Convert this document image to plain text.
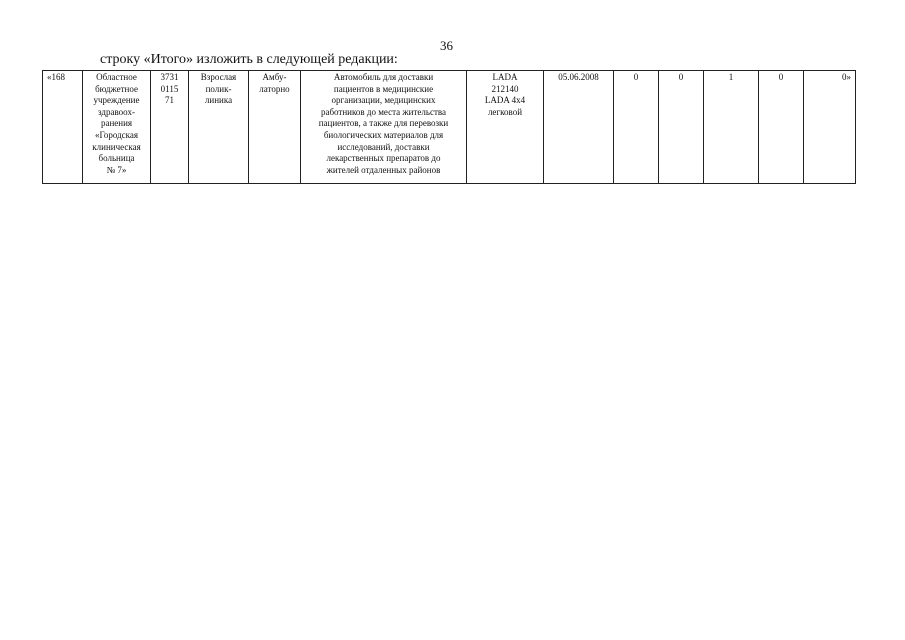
36
строку «Итого» изложить в следующей редакции:
«168	Областное
бюджетное
учреждение
здравоох-
ранения
«Городская
клиническая
больница
№ 7»	3731
0115
71	Взрослая
полик-
линика	Амбу-
латорно	Автомобиль для доставки
пациентов в медицинские
организации, медицинских
работников до места жительства
пациентов, а также для перевозки
биологических материалов для
исследований, доставки
лекарственных препаратов до
жителей отдаленных районов	LADA
212140
LADA 4x4
легковой	05.06.2008	0	0	1	0	0»
